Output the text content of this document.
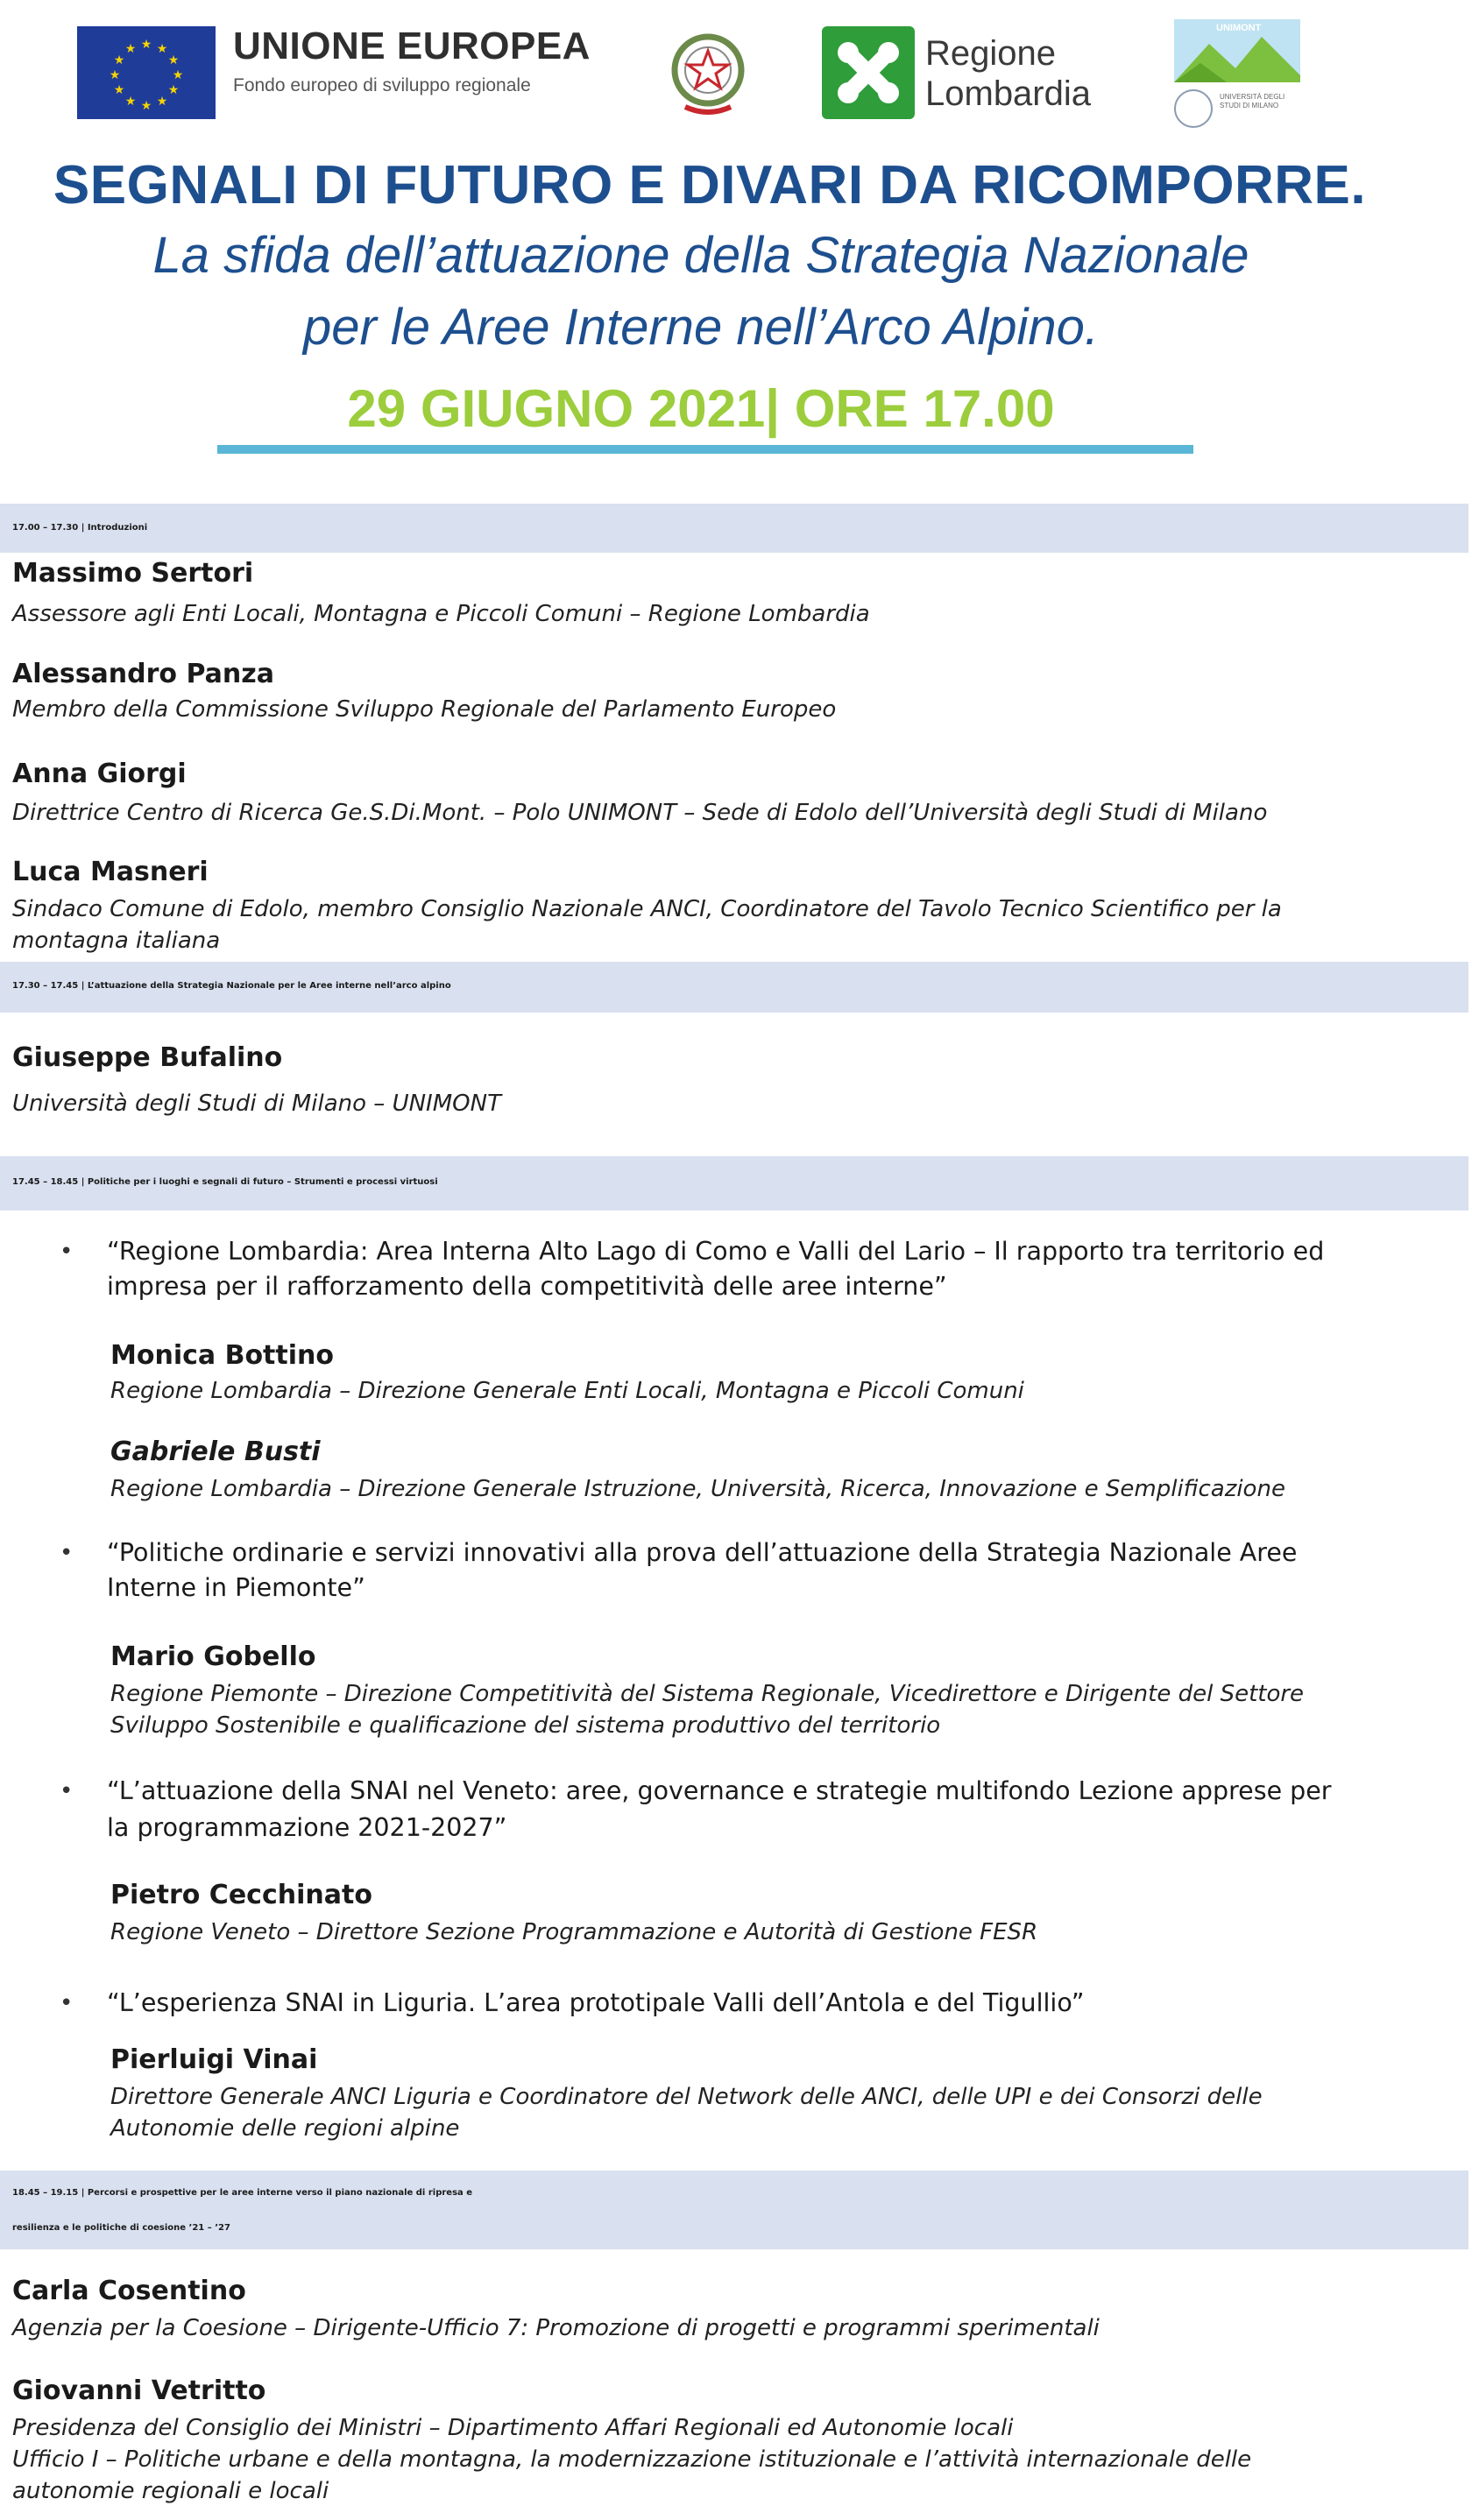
★ ★
★
★
★
★
★
★
★
★
★
★	UNIONE EUROPEA
Fondo europeo di sviluppo regionale
Regione
Lombardia
UNIMONT
UNIVERSITÀ DEGLI STUDI DI MILANO
SEGNALI DI FUTURO E DIVARI DA RICOMPORRE.
La sfida dell’attuazione della Strategia Nazionale
per le Aree Interne nell’Arco Alpino.
29 GIUGNO 2021| ORE 17.00
17.00 – 17.30 | Introduzioni
Massimo Sertori
Assessore agli Enti Locali, Montagna e Piccoli Comuni – Regione Lombardia
Alessandro Panza
Membro della Commissione Sviluppo Regionale del Parlamento Europeo
Anna Giorgi
Direttrice Centro di Ricerca Ge.S.Di.Mont. – Polo UNIMONT – Sede di Edolo dell’Università degli Studi di Milano
Luca Masneri
Sindaco Comune di Edolo, membro Consiglio Nazionale ANCI, Coordinatore del Tavolo Tecnico Scientifico per la
montagna italiana
17.30 – 17.45 | L’attuazione della Strategia Nazionale per le Aree interne nell’arco alpino
Giuseppe Bufalino
Università degli Studi di Milano – UNIMONT
17.45 – 18.45 | Politiche per i luoghi e segnali di futuro – Strumenti e processi virtuosi
• “Regione Lombardia: Area Interna Alto Lago di Como e Valli del Lario – Il rapporto tra territorio ed
impresa per il rafforzamento della competitività delle aree interne”
Monica Bottino
Regione Lombardia – Direzione Generale Enti Locali, Montagna e Piccoli Comuni
Gabriele Busti
Regione Lombardia – Direzione Generale Istruzione, Università, Ricerca, Innovazione e Semplificazione
• “Politiche ordinarie e servizi innovativi alla prova dell’attuazione della Strategia Nazionale Aree
Interne in Piemonte”
Mario Gobello
Regione Piemonte – Direzione Competitività del Sistema Regionale, Vicedirettore e Dirigente del Settore
Sviluppo Sostenibile e qualificazione del sistema produttivo del territorio
• “L’attuazione della SNAI nel Veneto: aree, governance e strategie multifondo Lezione apprese per
la programmazione 2021-2027”
Pietro Cecchinato
Regione Veneto – Direttore Sezione Programmazione e Autorità di Gestione FESR
• “L’esperienza SNAI in Liguria. L’area prototipale Valli dell’Antola e del Tigullio”
Pierluigi Vinai
Direttore Generale ANCI Liguria e Coordinatore del Network delle ANCI, delle UPI e dei Consorzi delle
Autonomie delle regioni alpine
18.45 – 19.15 | Percorsi e prospettive per le aree interne verso il piano nazionale di ripresa e
resilienza e le politiche di coesione ’21 – ’27
Carla Cosentino
Agenzia per la Coesione – Dirigente-Ufficio 7: Promozione di progetti e programmi sperimentali
Giovanni Vetritto
Presidenza del Consiglio dei Ministri – Dipartimento Affari Regionali ed Autonomie locali
Ufficio I – Politiche urbane e della montagna, la modernizzazione istituzionale e l’attività internazionale delle
autonomie regionali e locali
